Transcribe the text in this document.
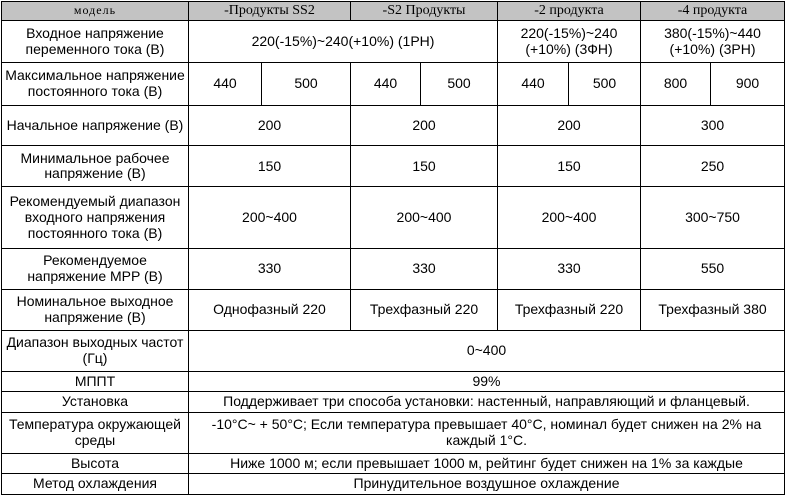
модель	-Продукты SS2		-S2 Продукты		-2 продукта		-4 продукта	
Входное напряжение переменного тока (В)	220(-15%)~240(+10%) (1PH)				220(-15%)~240 (+10%) (3ФН)		380(-15%)~440 (+10%) (3PH)	
Максимальное напряжение постоянного тока (В)	440	500	440	500	440	500	800	900
Начальное напряжение (В)	200		200		200		300	
Минимальное рабочее напряжение (В)	150		150		150		250	
Рекомендуемый диапазон входного напряжения постоянного тока (В)	200~400		200~400		200~400		300~750	
Рекомендуемое напряжение MPP (В)	330		330		330		550	
Номинальное выходное напряжение (В)	Однофазный 220		Трехфазный 220		Трехфазный 220		Трехфазный 380	
Диапазон выходных частот (Гц)	0~400							
МППТ	99%							
Установка	Поддерживает три способа установки: настенный, направляющий и фланцевый.							
Температура окружающей среды	-10°C~ + 50°C; Если температура превышает 40°C, номинал будет снижен на 2% на каждый 1°C.							
Высота	Ниже 1000 м; если превышает 1000 м, рейтинг будет снижен на 1% за каждые							
Метод охлаждения	Принудительное воздушное охлаждение							
